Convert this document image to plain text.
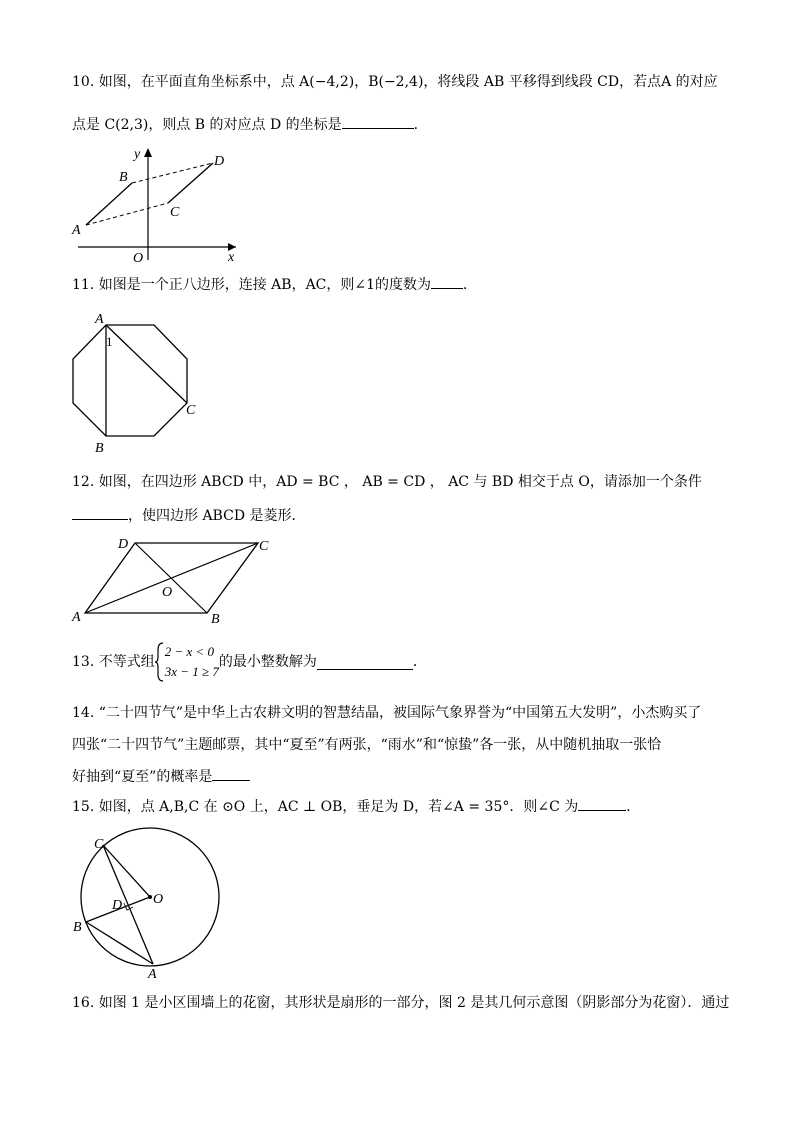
10. 如图，在平面直角坐标系中，点 A(−4,2)，B(−2,4)，将线段 AB 平移得到线段 CD，若点A 的对应
点是 C(2,3)，则点 B 的对应点 D 的坐标是	．
A
B
C
D
O	x
y
A
B
C
1
A	B
C
D
O
C
B
A
D O
11. 如图是一个正八边形，连接 AB，AC，则∠1的度数为 ．
12. 如图，在四边形 ABCD 中，AD = BC ， AB = CD ， AC 与 BD 相交于点 O，请添加一个条件
，使四边形 ABCD 是菱形．
13. 不等式组
2 − x < 0
3x − 1 ≥ 7
的最小整数解为	．
14. “二十四节气”是中华上古农耕文明的智慧结晶，被国际气象界誉为“中国第五大发明”，小杰购买了
四张“二十四节气”主题邮票，其中“夏至”有两张，“雨水”和“惊蛰”各一张，从中随机抽取一张恰
好抽到“夏至”的概率是
15. 如图，点 A,B,C 在 ⊙O 上，AC ⊥ OB，垂足为 D，若∠A = 35°．则∠C 为	．
16. 如图 1 是小区围墙上的花窗，其形状是扇形的一部分，图 2 是其几何示意图（阴影部分为花窗）．通过
